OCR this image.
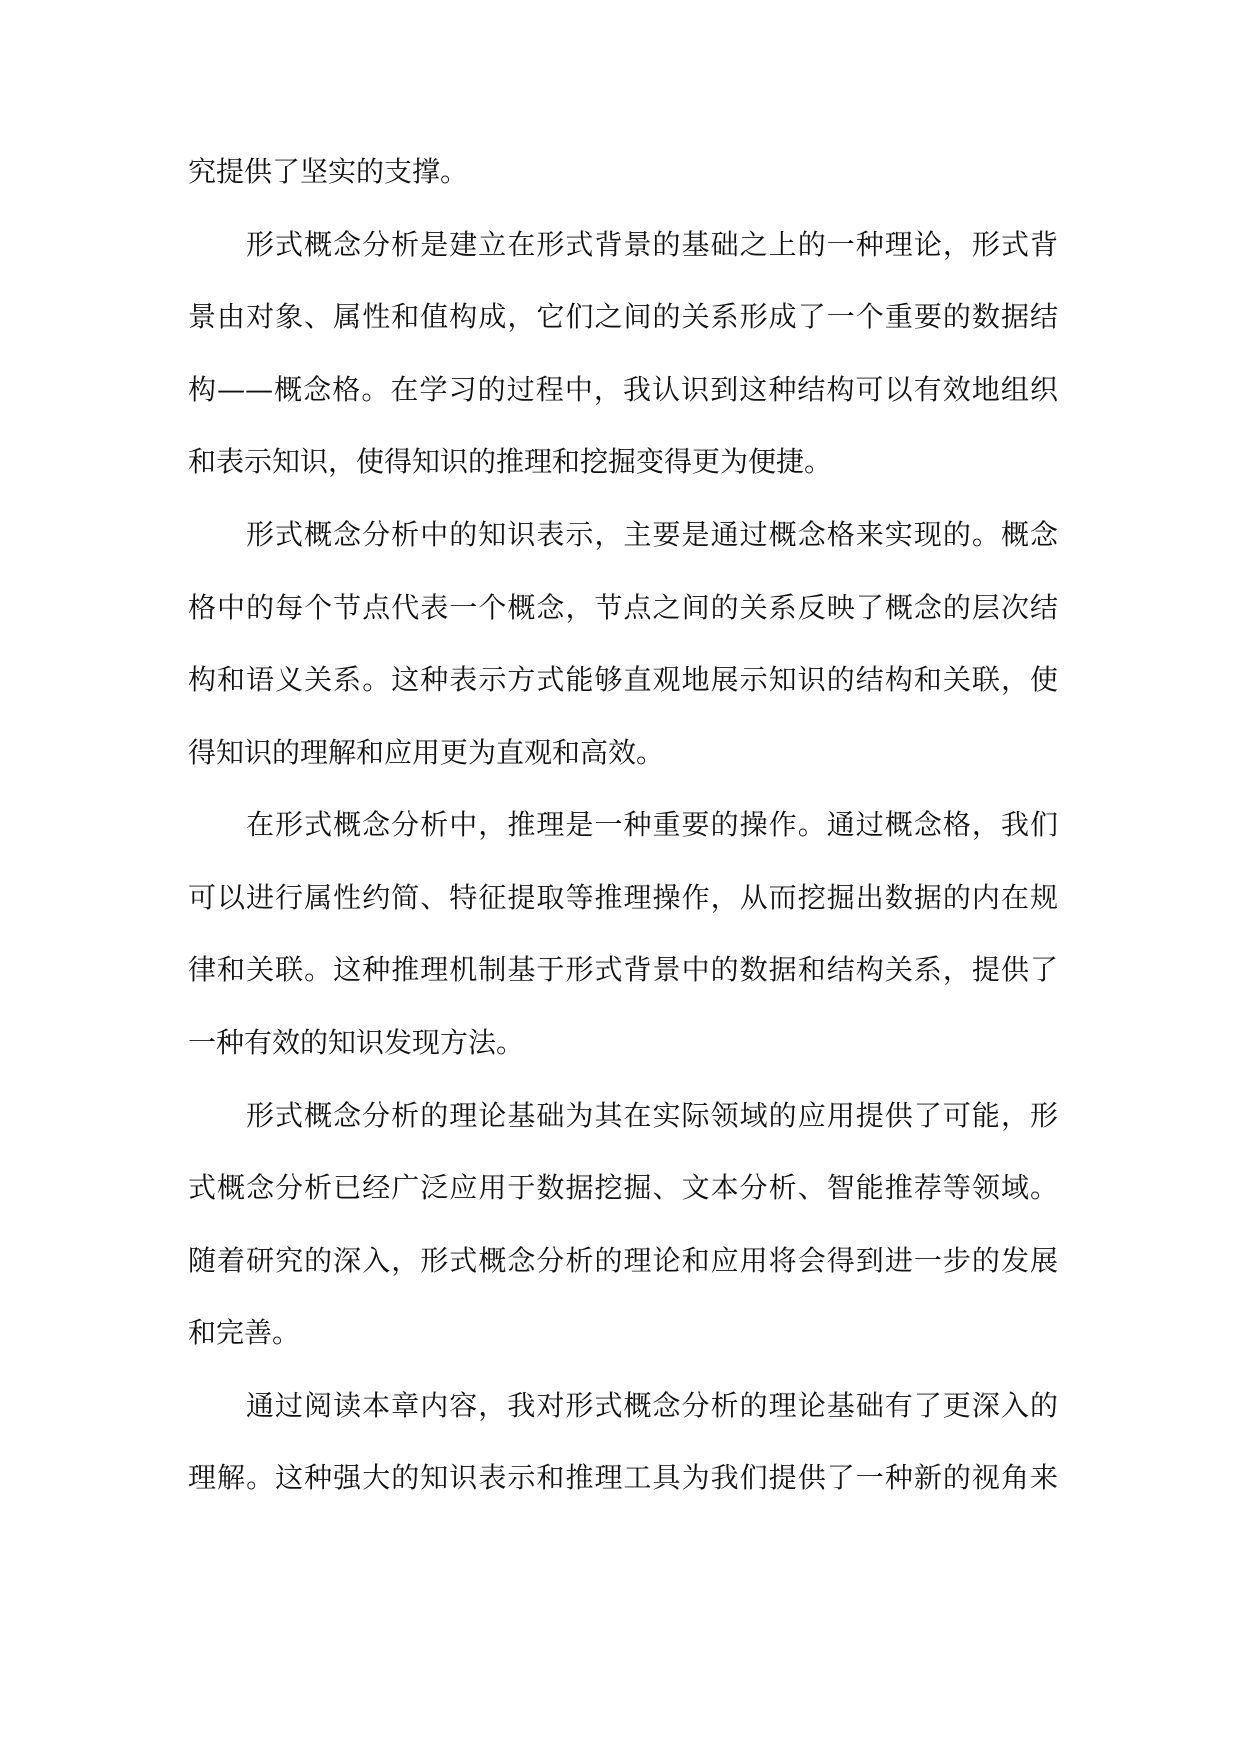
究提供了坚实的支撑。
形式概念分析是建立在形式背景的基础之上的一种理论，形式背
景由对象、属性和值构成，它们之间的关系形成了一个重要的数据结
构——概念格。在学习的过程中，我认识到这种结构可以有效地组织
和表示知识，使得知识的推理和挖掘变得更为便捷。
形式概念分析中的知识表示，主要是通过概念格来实现的。概念
格中的每个节点代表一个概念，节点之间的关系反映了概念的层次结
构和语义关系。这种表示方式能够直观地展示知识的结构和关联，使
得知识的理解和应用更为直观和高效。
在形式概念分析中，推理是一种重要的操作。通过概念格，我们
可以进行属性约简、特征提取等推理操作，从而挖掘出数据的内在规
律和关联。这种推理机制基于形式背景中的数据和结构关系，提供了
一种有效的知识发现方法。
形式概念分析的理论基础为其在实际领域的应用提供了可能，形
式概念分析已经广泛应用于数据挖掘、文本分析、智能推荐等领域。
随着研究的深入，形式概念分析的理论和应用将会得到进一步的发展
和完善。
通过阅读本章内容，我对形式概念分析的理论基础有了更深入的
理解。这种强大的知识表示和推理工具为我们提供了一种新的视角来
